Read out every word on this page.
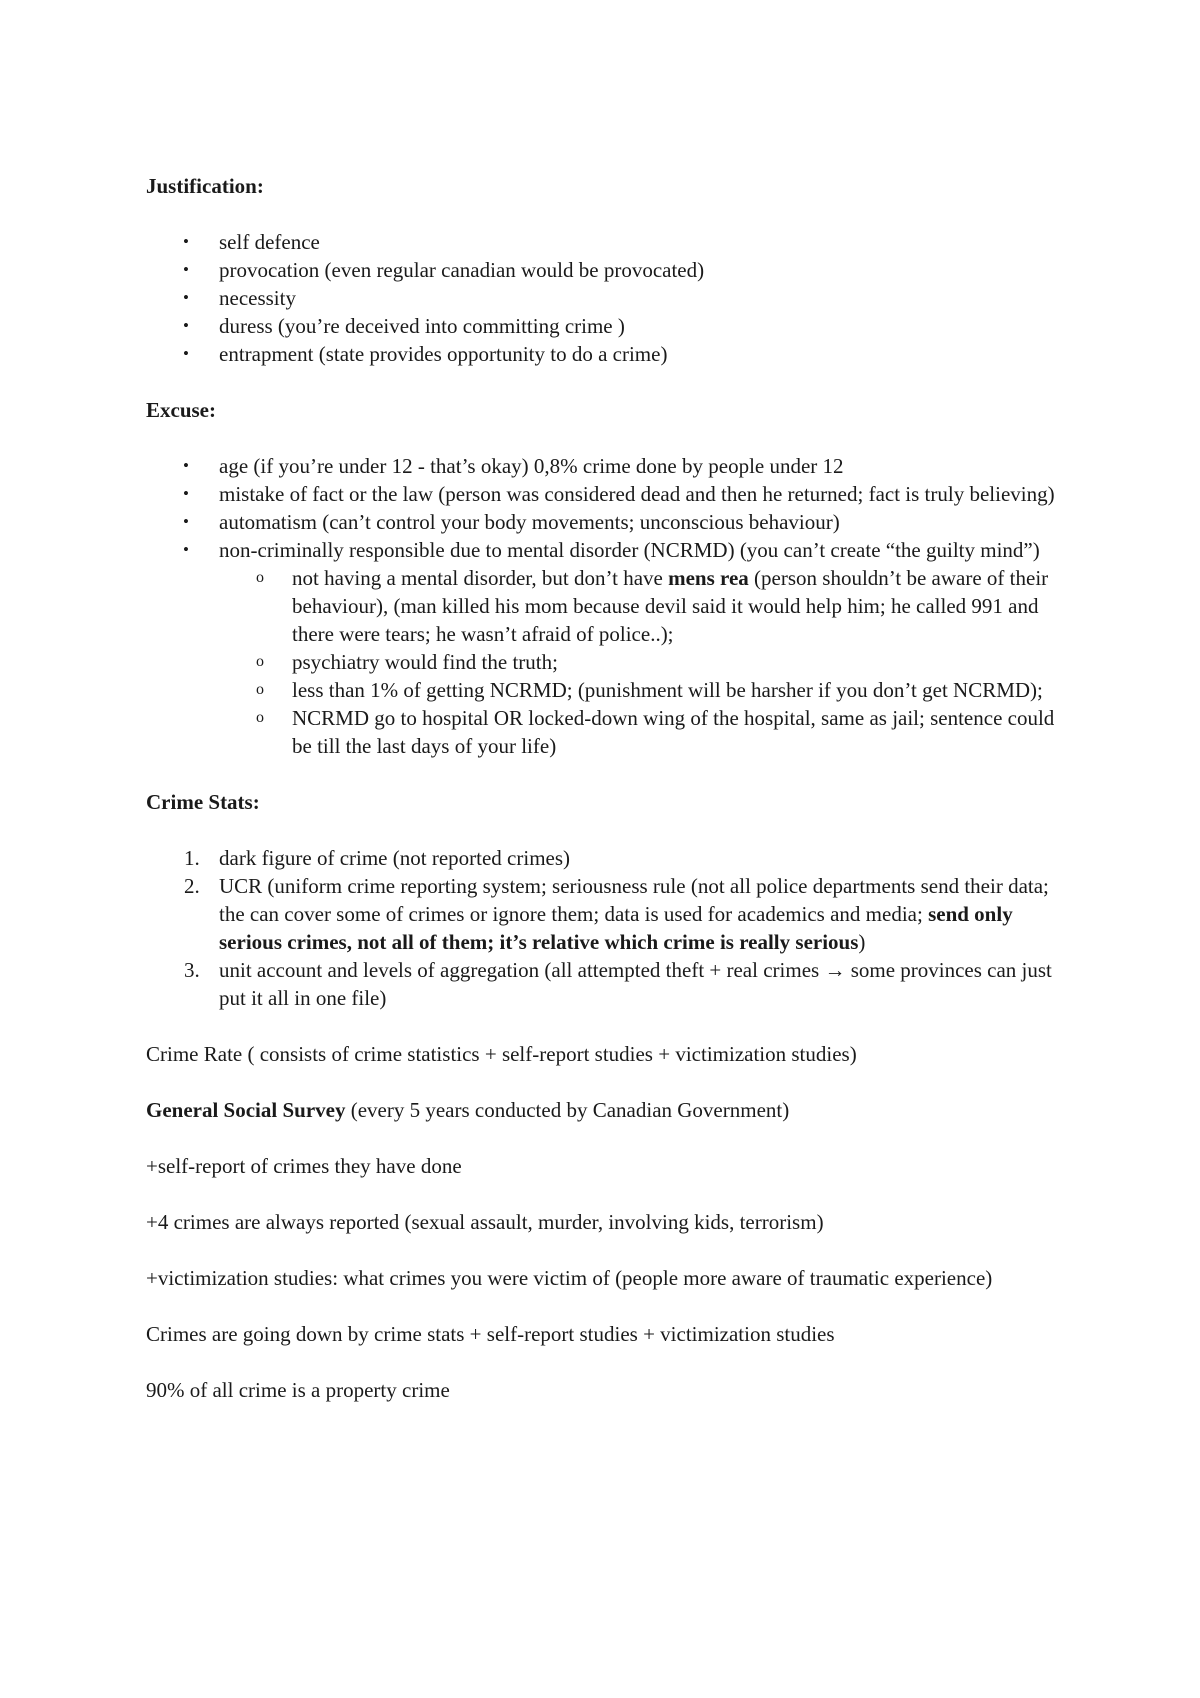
Justification:
• self defence
• provocation (even regular canadian would be provocated)
• necessity
• duress (you’re deceived into committing crime )
• entrapment (state provides opportunity to do a crime)
Excuse:
• age (if you’re under 12 - that’s okay) 0,8% crime done by people under 12
• mistake of fact or the law (person was considered dead and then he returned; fact is truly believing)
• automatism (can’t control your body movements; unconscious behaviour)
• non-criminally responsible due to mental disorder (NCRMD) (you can’t create “the guilty mind”)
o not having a mental disorder, but don’t have mens rea (person shouldn’t be aware of their behaviour), (man killed his mom because devil said it would help him; he called 991 and there were tears; he wasn’t afraid of police..);
o psychiatry would find the truth;
o less than 1% of getting NCRMD; (punishment will be harsher if you don’t get NCRMD);
o NCRMD go to hospital OR locked-down wing of the hospital, same as jail; sentence could be till the last days of your life)
Crime Stats:
1. dark figure of crime (not reported crimes)
2. UCR (uniform crime reporting system; seriousness rule (not all police departments send their data; the can cover some of crimes or ignore them; data is used for academics and media; send only serious crimes, not all of them; it’s relative which crime is really serious)
3. unit account and levels of aggregation (all attempted theft + real crimes → some provinces can just put it all in one file)

Crime Rate ( consists of crime statistics + self-report studies + victimization studies)

General Social Survey (every 5 years conducted by Canadian Government)

+self-report of crimes they have done

+4 crimes are always reported (sexual assault, murder, involving kids, terrorism)

+victimization studies: what crimes you were victim of (people more aware of traumatic experience)

Crimes are going down by crime stats + self-report studies + victimization studies

90% of all crime is a property crime
